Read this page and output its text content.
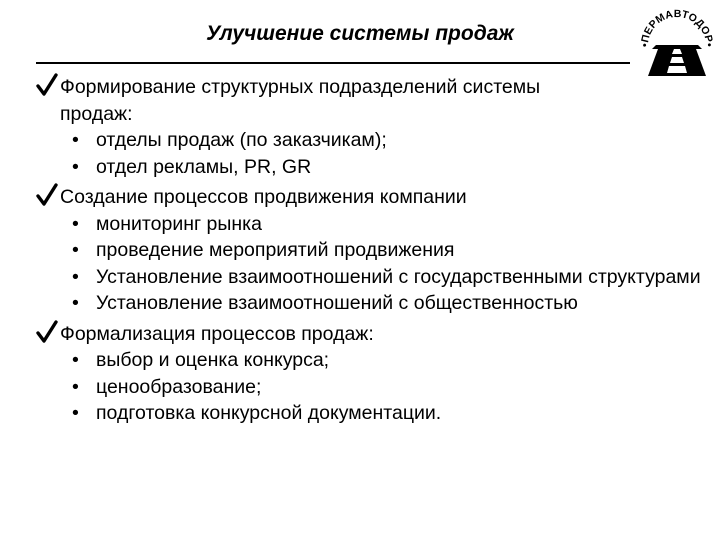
Улучшение системы продаж
•ПЕРМАВТОДОР•
Формирование структурных подразделений системы
продаж:
• отделы продаж (по заказчикам);
• отдел рекламы, PR, GR
Создание процессов продвижения компании
• мониторинг рынка
• проведение мероприятий продвижения
• Установление взаимоотношений с государственными структурами
• Установление взаимоотношений с общественностью
Формализация процессов продаж:
• выбор и оценка конкурса;
• ценообразование;
• подготовка конкурсной документации.
